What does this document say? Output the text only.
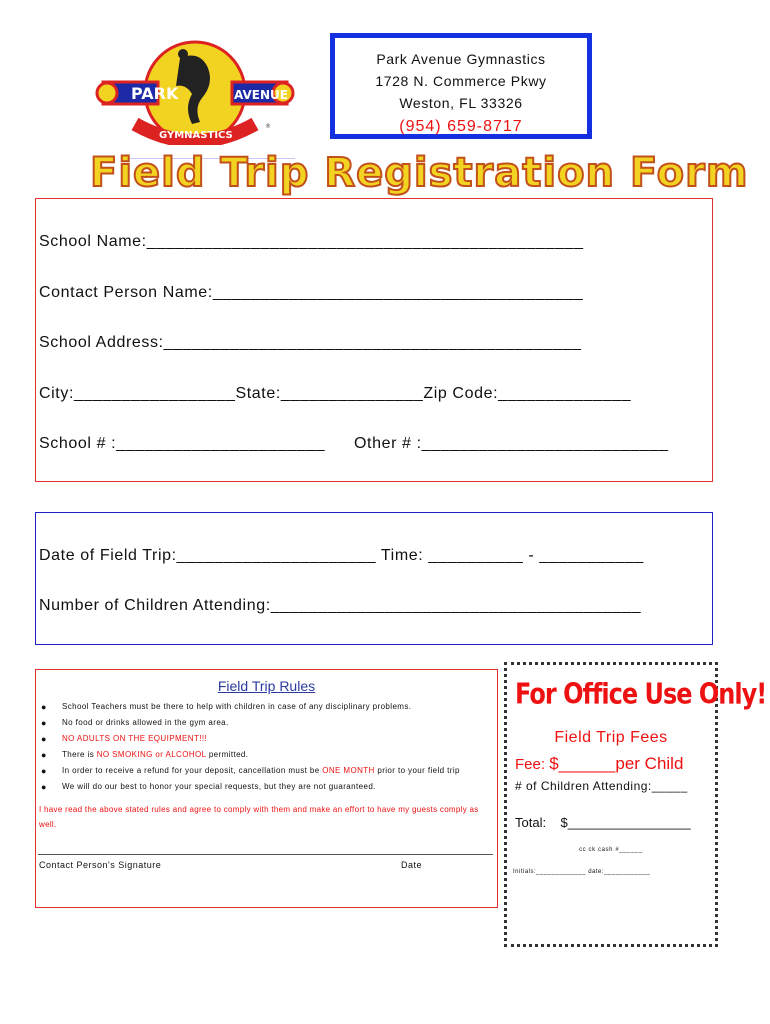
PARK	AVENUE
GYMNASTICS
®
Park Avenue Gymnastics
1728 N. Commerce Pkwy
Weston, FL 33326
(954) 659-8717
Field Trip Registration Form
School Name:______________________________________________
Contact Person Name:_______________________________________
School Address:____________________________________________
City:_________________State:_______________Zip Code:______________
School # :______________________ Other # :__________________________
Date of Field Trip:_____________________ Time: __________ - ___________
Number of Children Attending:_______________________________________
Field Trip Rules
● School Teachers must be there to help with children in case of any disciplinary problems.
● No food or drinks allowed in the gym area.
● NO ADULTS ON THE EQUIPMENT!!!
● There is NO SMOKING or ALCOHOL permitted.
● In order to receive a refund for your deposit, cancellation must be ONE MONTH prior to your field trip
● We will do our best to honor your special requests, but they are not guaranteed.
I have read the above stated rules and agree to comply with them and make an effort to have my guests comply as well.
Contact Person's Signature	Date
For Office Use Only!
Field Trip Fees
Fee: $______per Child
# of Children Attending:_____
Total: $_________________
cc ck cash #______
Initials:_____________ date:____________
